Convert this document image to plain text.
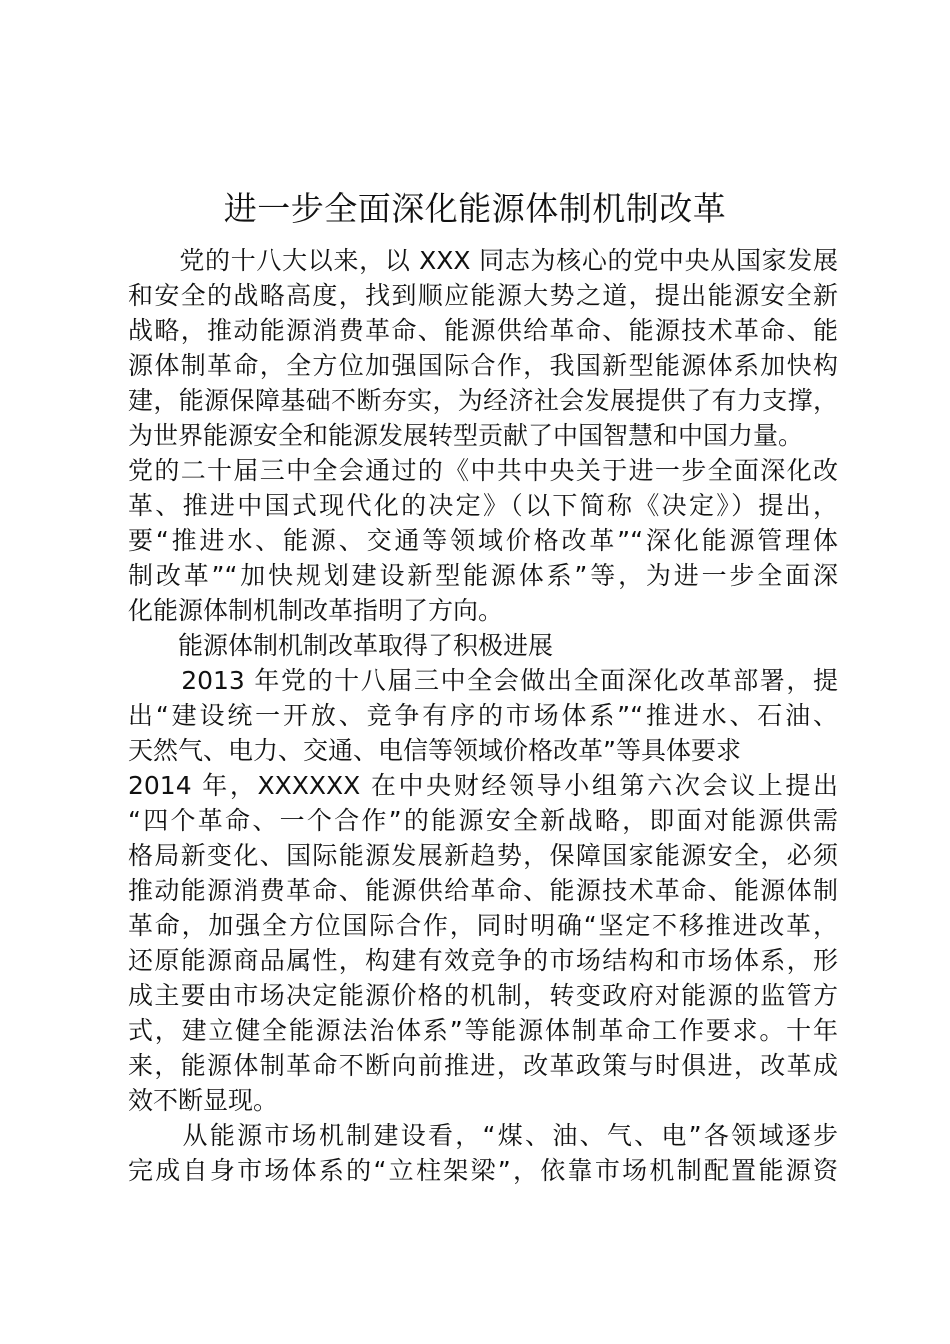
进一步全面深化能源体制机制改革
　　党的十八大以来，以 XXX 同志为核心的党中央从国家发展
和安全的战略高度，找到顺应能源大势之道，提出能源安全新
战略，推动能源消费革命、能源供给革命、能源技术革命、能
源体制革命，全方位加强国际合作，我国新型能源体系加快构
建，能源保障基础不断夯实，为经济社会发展提供了有力支撑，
为世界能源安全和能源发展转型贡献了中国智慧和中国力量。
党的二十届三中全会通过的《中共中央关于进一步全面深化改
革、推进中国式现代化的决定》（以下简称《决定》）提出，
要“推进水、能源、交通等领域价格改革”“深化能源管理体
制改革”“加快规划建设新型能源体系”等，为进一步全面深
化能源体制机制改革指明了方向。
　　能源体制机制改革取得了积极进展
　　2013 年党的十八届三中全会做出全面深化改革部署，提
出“建设统一开放、竞争有序的市场体系”“推进水、石油、
天然气、电力、交通、电信等领域价格改革”等具体要求
2014 年，XXXXXX 在中央财经领导小组第六次会议上提出
“四个革命、一个合作”的能源安全新战略，即面对能源供需
格局新变化、国际能源发展新趋势，保障国家能源安全，必须
推动能源消费革命、能源供给革命、能源技术革命、能源体制
革命，加强全方位国际合作，同时明确“坚定不移推进改革，
还原能源商品属性，构建有效竞争的市场结构和市场体系，形
成主要由市场决定能源价格的机制，转变政府对能源的监管方
式，建立健全能源法治体系”等能源体制革命工作要求。十年
来，能源体制革命不断向前推进，改革政策与时俱进，改革成
效不断显现。
　　从能源市场机制建设看，“煤、油、气、电”各领域逐步
完成自身市场体系的“立柱架梁”，依靠市场机制配置能源资
